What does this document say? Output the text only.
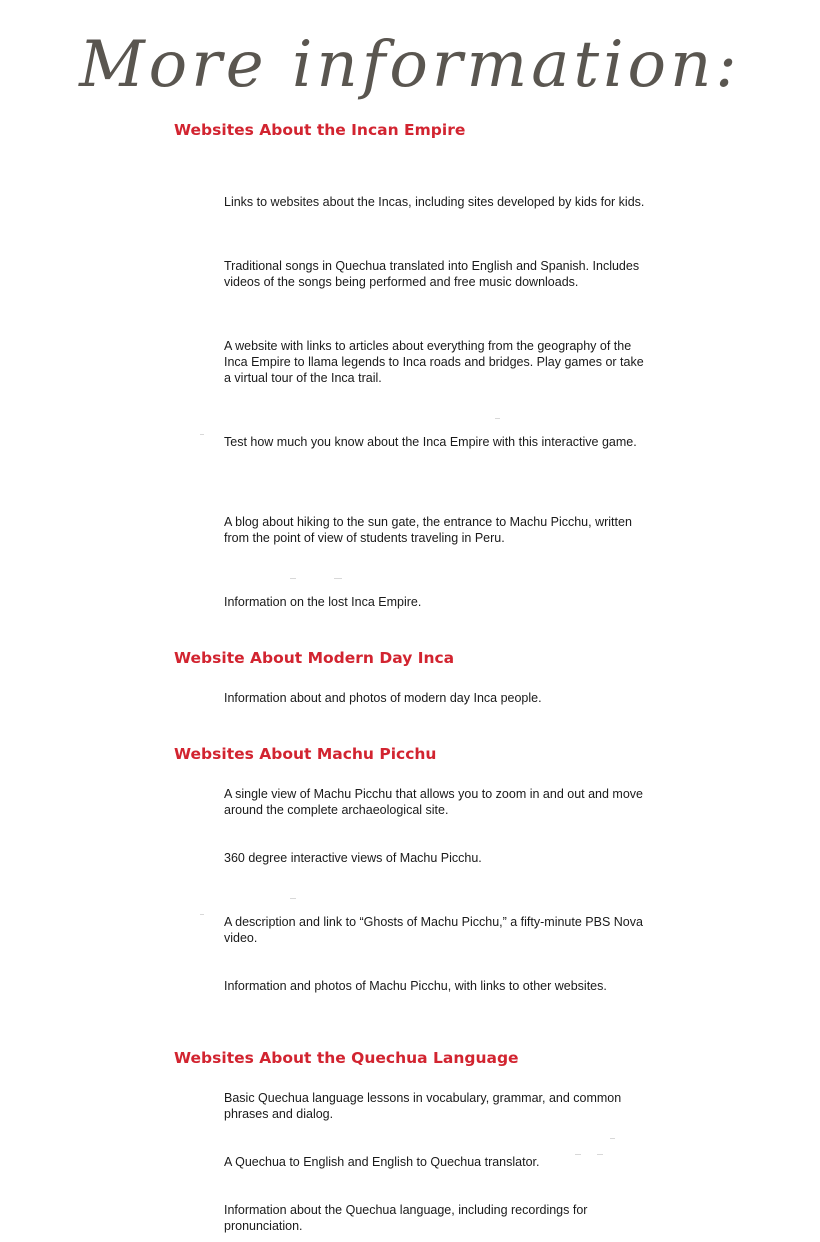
More information:
Websites About the Incan Empire

Links to websites about the Incas, including sites developed by kids for kids.

Traditional songs in Quechua translated into English and Spanish. Includes videos of the songs being performed and free music downloads.

A website with links to articles about everything from the geography of the Inca Empire to llama legends to Inca roads and bridges. Play games or take a virtual tour of the Inca trail.

Test how much you know about the Inca Empire with this interactive game.

A blog about hiking to the sun gate, the entrance to Machu Picchu, written from the point of view of students traveling in Peru.

Information on the lost Inca Empire.

Website About Modern Day Inca

Information about and photos of modern day Inca people.

Websites About Machu Picchu

A single view of Machu Picchu that allows you to zoom in and out and move around the complete archaeological site.

360 degree interactive views of Machu Picchu.

A description and link to “Ghosts of Machu Picchu,” a fifty-minute PBS Nova video.

Information and photos of Machu Picchu, with links to other websites.

Websites About the Quechua Language

Basic Quechua language lessons in vocabulary, grammar, and common phrases and dialog.

A Quechua to English and English to Quechua translator.

Information about the Quechua language, including recordings for pronunciation.
